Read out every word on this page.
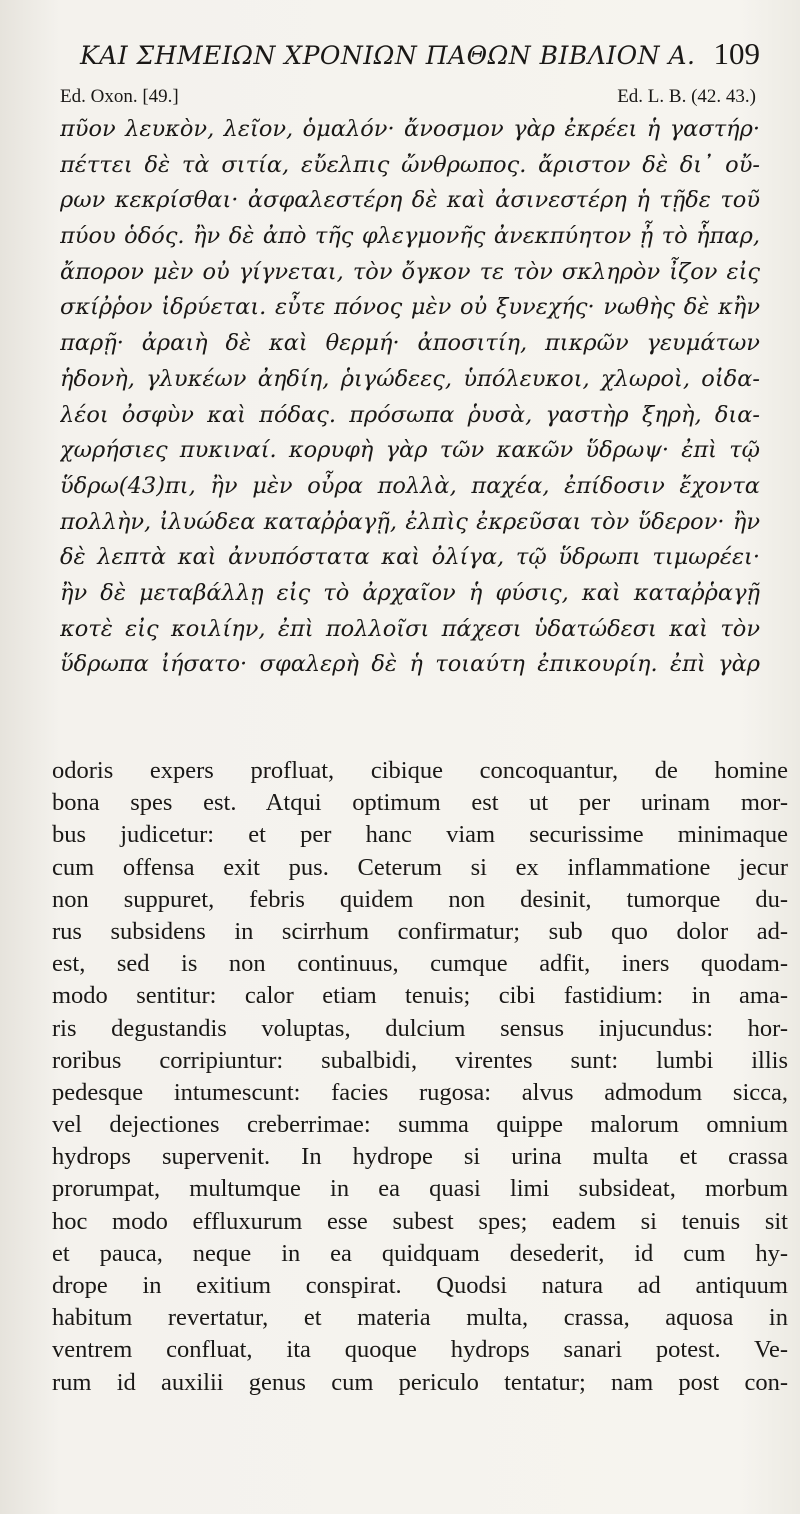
ΚΑΙ ΣΗΜΕΙΩΝ ΧΡΟΝΙΩΝ ΠΑΘΩΝ ΒΙΒΛΙΟΝ Α. 109
Ed. Oxon. [49.]	Ed. L. B. (42. 43.)
πῦον λευκὸν, λεῖον, ὁμαλόν· ἄνοσμον γὰρ ἐκρέει ἡ γαστήρ·
πέττει δὲ τὰ σιτία, εὔελπις ὤνθρωπος. ἄριστον δὲ δι᾽ οὔ-
ρων κεκρίσθαι· ἀσφαλεστέρη δὲ καὶ ἀσινεστέρη ἡ τῇδε τοῦ
πύου ὁδός. ἢν δὲ ἀπὸ τῆς φλεγμονῆς ἀνεκπύητον ᾖ τὸ ἧπαρ,
ἄπορον μὲν οὐ γίγνεται, τὸν ὄγκον τε τὸν σκληρὸν ἶζον εἰς
σκίῤῥον ἱδρύεται. εὖτε πόνος μὲν οὐ ξυνεχής· νωθὴς δὲ κἢν
παρῇ· ἀραιὴ δὲ καὶ θερμή· ἀποσιτίη, πικρῶν γευμάτων
ἡδονὴ, γλυκέων ἀηδίη, ῥιγώδεες, ὑπόλευκοι, χλωροὶ, οἰδα-
λέοι ὀσφὺν καὶ πόδας. πρόσωπα ῥυσὰ, γαστὴρ ξηρὴ, δια-
χωρήσιες πυκιναί. κορυφὴ γὰρ τῶν κακῶν ὕδρωψ· ἐπὶ τῷ
ὕδρω(43)πι, ἢν μὲν οὖρα πολλὰ, παχέα, ἐπίδοσιν ἔχοντα
πολλὴν, ἰλυώδεα καταῤῥαγῇ, ἐλπὶς ἐκρεῦσαι τὸν ὕδερον· ἢν
δὲ λεπτὰ καὶ ἀνυπόστατα καὶ ὀλίγα, τῷ ὕδρωπι τιμωρέει·
ἢν δὲ μεταβάλλῃ εἰς τὸ ἀρχαῖον ἡ φύσις, καὶ καταῤῥαγῇ
κοτὲ εἰς κοιλίην, ἐπὶ πολλοῖσι πάχεσι ὑδατώδεσι καὶ τὸν
ὕδρωπα ἰήσατο· σφαλερὴ δὲ ἡ τοιαύτη ἐπικουρίη. ἐπὶ γὰρ
odoris expers profluat, cibique concoquantur, de homine
bona spes est. Atqui optimum est ut per urinam mor-
bus judicetur: et per hanc viam securissime minimaque
cum offensa exit pus. Ceterum si ex inflammatione jecur
non suppuret, febris quidem non desinit, tumorque du-
rus subsidens in scirrhum confirmatur; sub quo dolor ad-
est, sed is non continuus, cumque adfit, iners quodam-
modo sentitur: calor etiam tenuis; cibi fastidium: in ama-
ris degustandis voluptas, dulcium sensus injucundus: hor-
roribus corripiuntur: subalbidi, virentes sunt: lumbi illis
pedesque intumescunt: facies rugosa: alvus admodum sicca,
vel dejectiones creberrimae: summa quippe malorum omnium
hydrops supervenit. In hydrope si urina multa et crassa
prorumpat, multumque in ea quasi limi subsideat, morbum
hoc modo effluxurum esse subest spes; eadem si tenuis sit
et pauca, neque in ea quidquam desederit, id cum hy-
drope in exitium conspirat. Quodsi natura ad antiquum
habitum revertatur, et materia multa, crassa, aquosa in
ventrem confluat, ita quoque hydrops sanari potest. Ve-
rum id auxilii genus cum periculo tentatur; nam post con-
